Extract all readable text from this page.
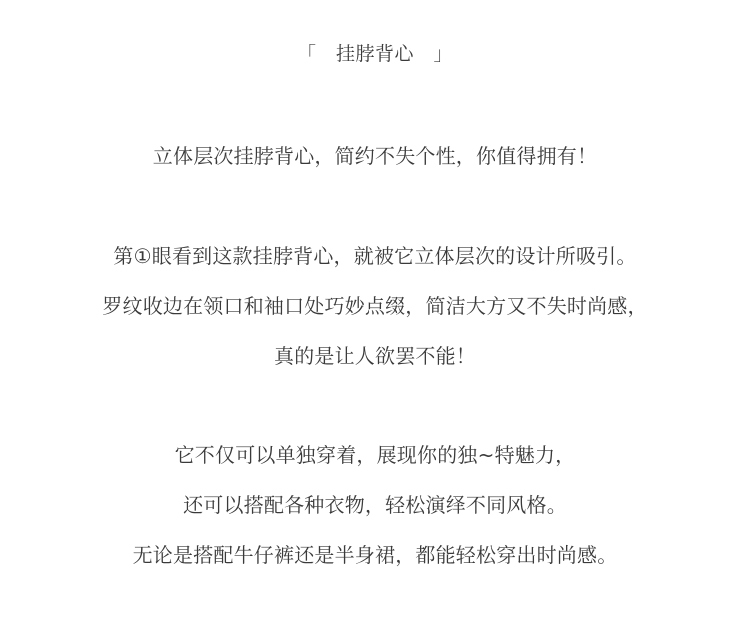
「　挂脖背心　」
立体层次挂脖背心，简约不失个性，你值得拥有！
第①眼看到这款挂脖背心，就被它立体层次的设计所吸引。
罗纹收边在领口和袖口处巧妙点缀，简洁大方又不失时尚感，
真的是让人欲罢不能！
它不仅可以单独穿着，展现你的独~特魅力，
还可以搭配各种衣物，轻松演绎不同风格。
无论是搭配牛仔裤还是半身裙，都能轻松穿出时尚感。
